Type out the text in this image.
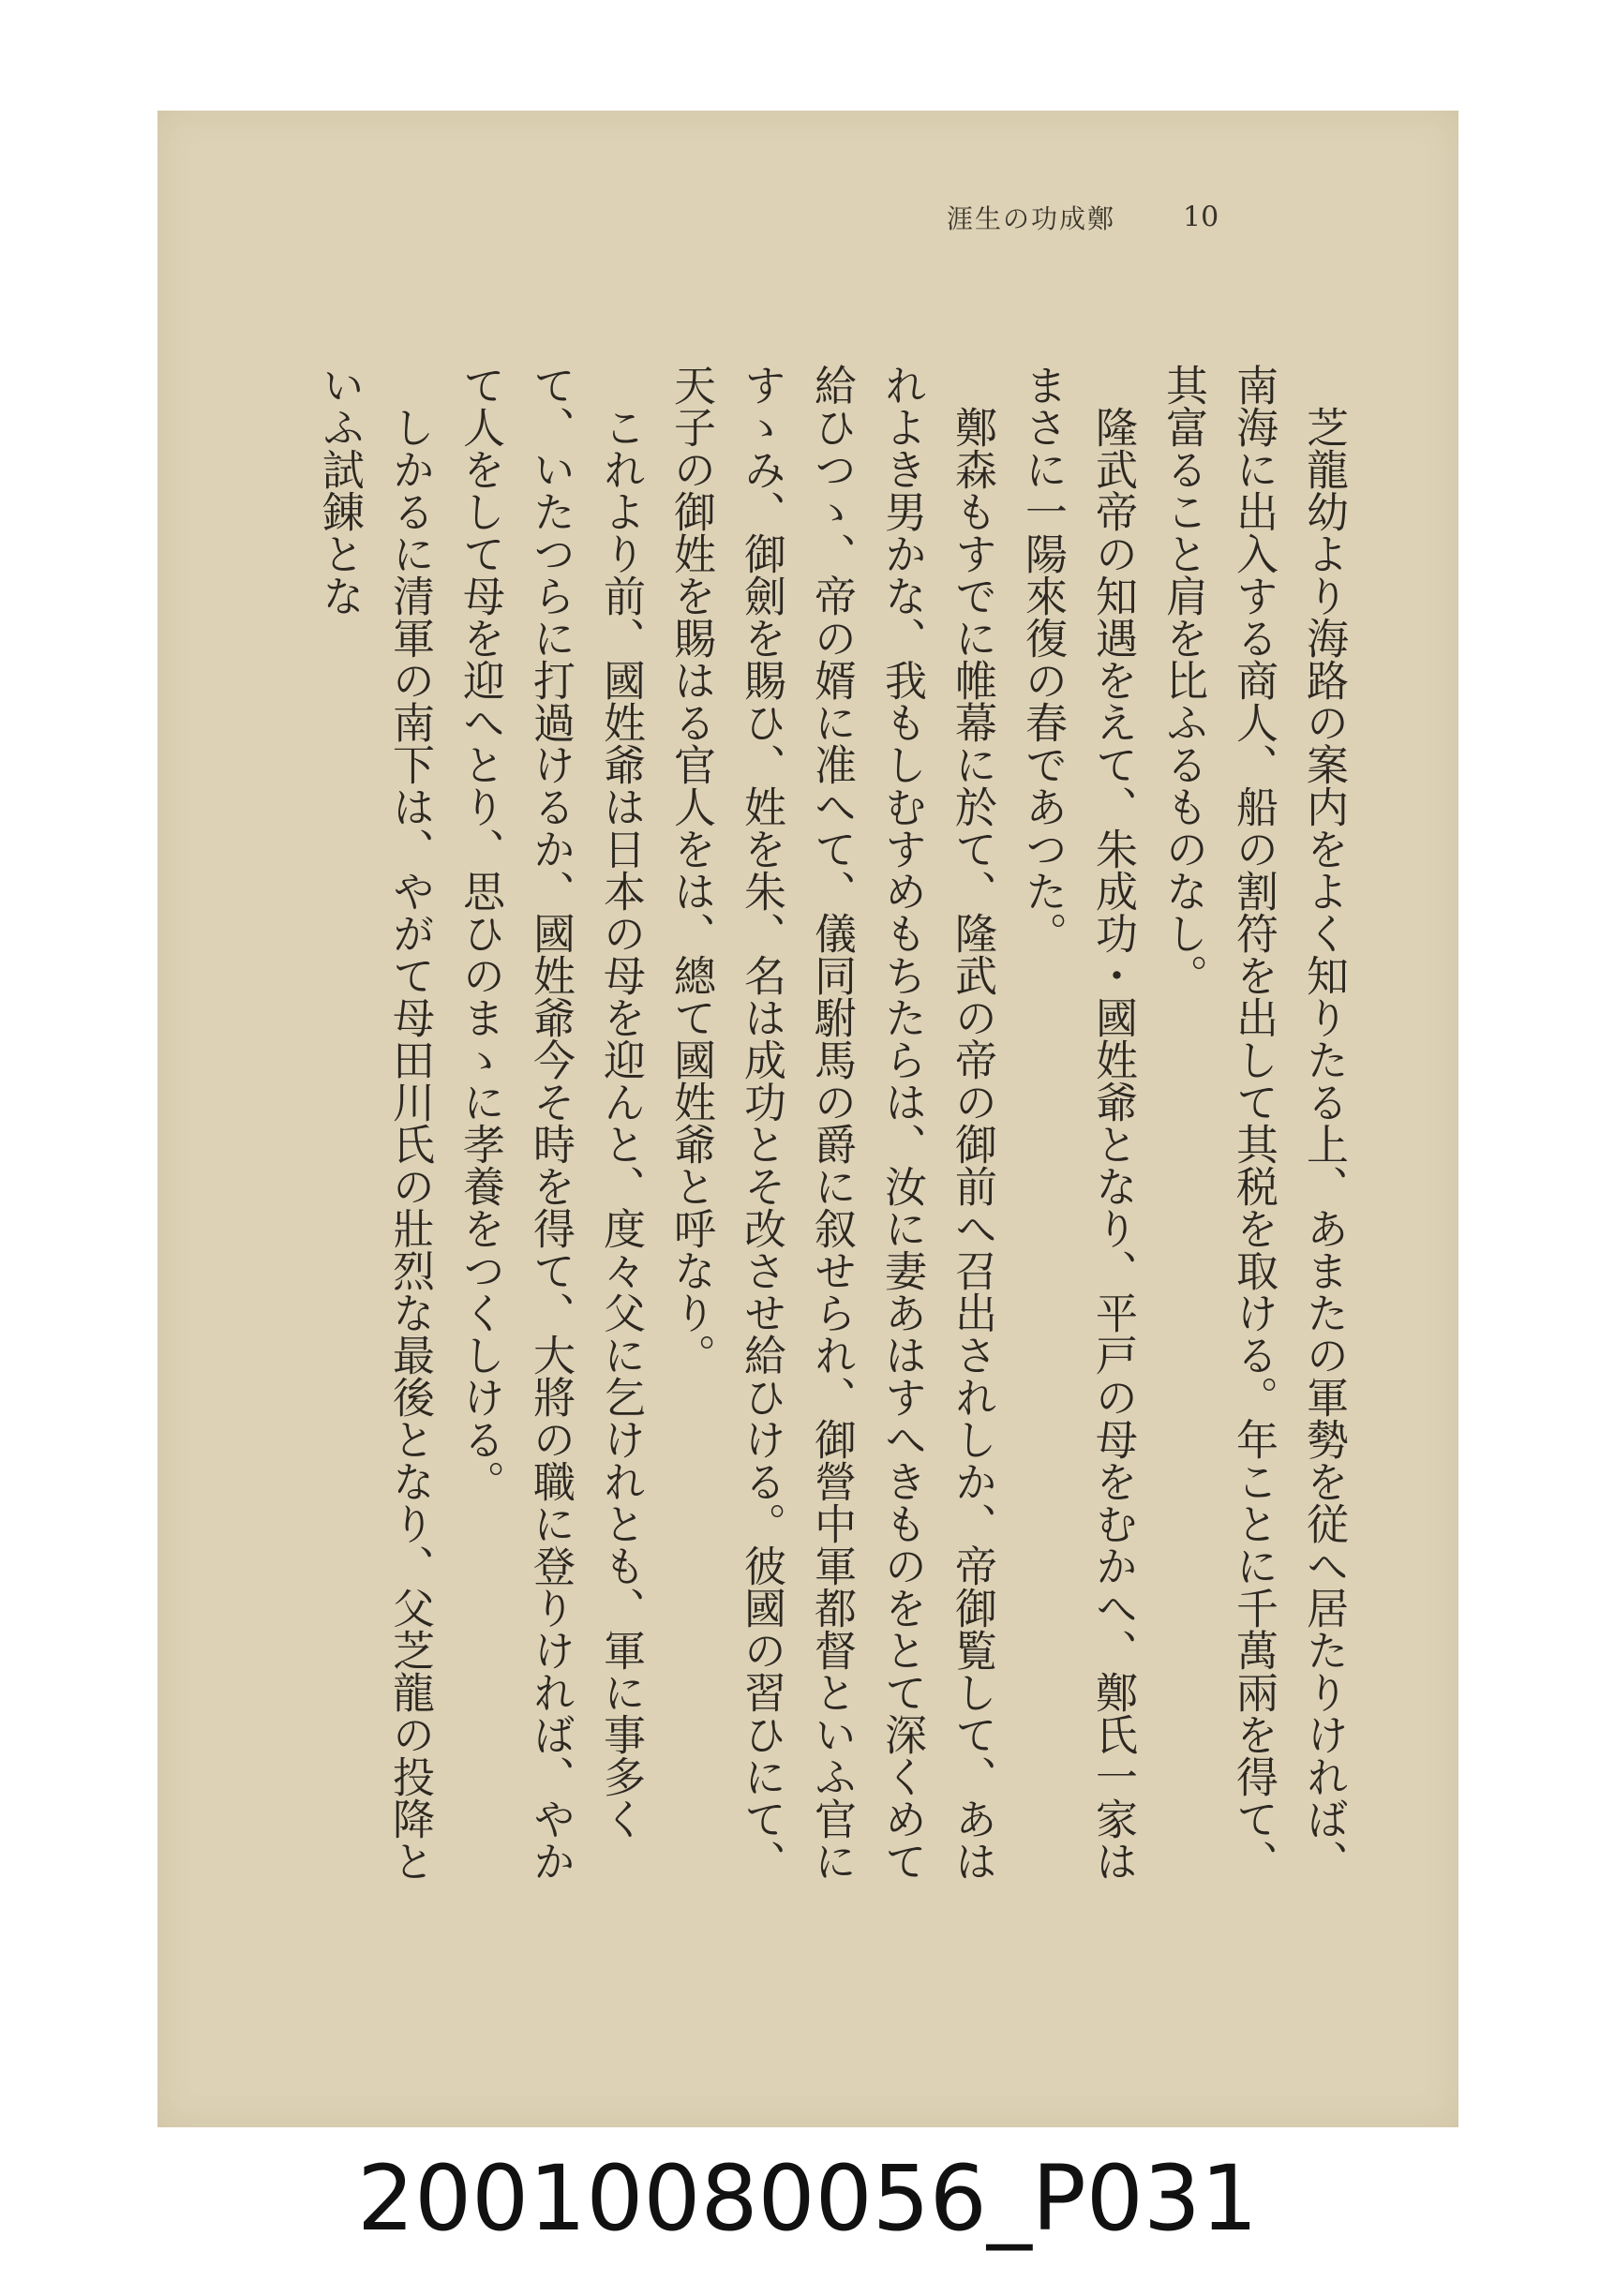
涯生の功成鄭 10

芝龍幼より海路の案内をよく知りたる上、あまたの軍勢を従へ居たりければ、南海に出入する商人、船の割符を出して其税を取ける。年ことに千萬兩を得て、其富ること肩を比ふるものなし。

隆武帝の知遇をえて、朱成功・國姓爺となり、平戸の母をむかへ、鄭氏一家はまさに一陽來復の春であつた。

鄭森もすでに帷幕に於て、隆武の帝の御前へ召出されしか、帝御覧して、あはれよき男かな、我もしむすめもちたらは、汝に妻あはすへきものをとて深くめて給ひつゝ、帝の婿に准へて、儀同駙馬の爵に叙せられ、御營中軍都督といふ官にすゝみ、御劍を賜ひ、姓を朱、名は成功とそ改させ給ひける。彼國の習ひにて、天子の御姓を賜はる官人をは、總て國姓爺と呼なり。

これより前、國姓爺は日本の母を迎んと、度々父に乞けれとも、軍に事多くて、いたつらに打過けるか、國姓爺今そ時を得て、大將の職に登りければ、やかて人をして母を迎へとり、思ひのまゝに孝養をつくしける。

しかるに清軍の南下は、やがて母田川氏の壯烈な最後となり、父芝龍の投降といふ試錬とな

20010080056_P031
